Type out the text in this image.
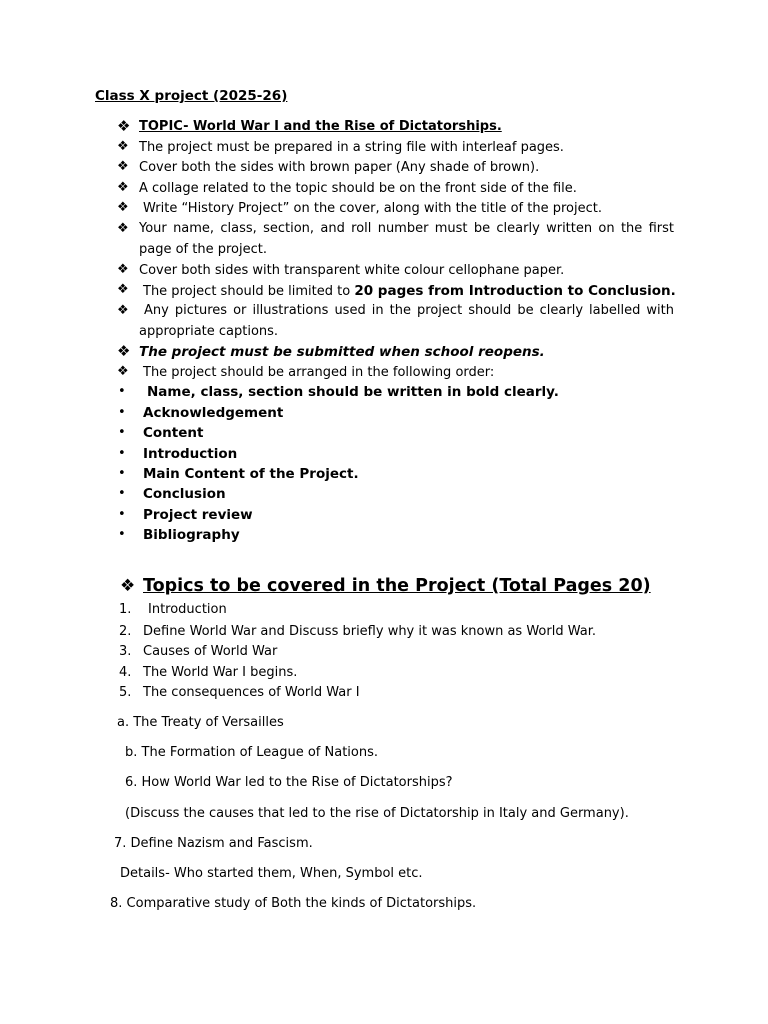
Class X project (2025-26)
❖ TOPIC- World War I and the Rise of Dictatorships.
❖ The project must be prepared in a string file with interleaf pages.
❖ Cover both the sides with brown paper (Any shade of brown).
❖ A collage related to the topic should be on the front side of the file.
❖ Write “History Project” on the cover, along with the title of the project.
❖ Your name, class, section, and roll number must be clearly written on the first page of the project.
❖ Cover both sides with transparent white colour cellophane paper.
❖ The project should be limited to 20 pages from Introduction to Conclusion.
❖	Any pictures or illustrations used in the project should be clearly labelled with appropriate captions.
❖ The project must be submitted when school reopens.
❖ The project should be arranged in the following order:
• Name, class, section should be written in bold clearly.
• Acknowledgement
• Content
• Introduction
• Main Content of the Project.
• Conclusion
• Project review
• Bibliography
❖ Topics to be covered in the Project (Total Pages 20)
1. Introduction
2. Define World War and Discuss briefly why it was known as World War.
3. Causes of World War
4. The World War I begins.
5. The consequences of World War I
a. The Treaty of Versailles
b. The Formation of League of Nations.
6. How World War led to the Rise of Dictatorships?
(Discuss the causes that led to the rise of Dictatorship in Italy and Germany).
7. Define Nazism and Fascism.
Details- Who started them, When, Symbol etc.
8. Comparative study of Both the kinds of Dictatorships.
